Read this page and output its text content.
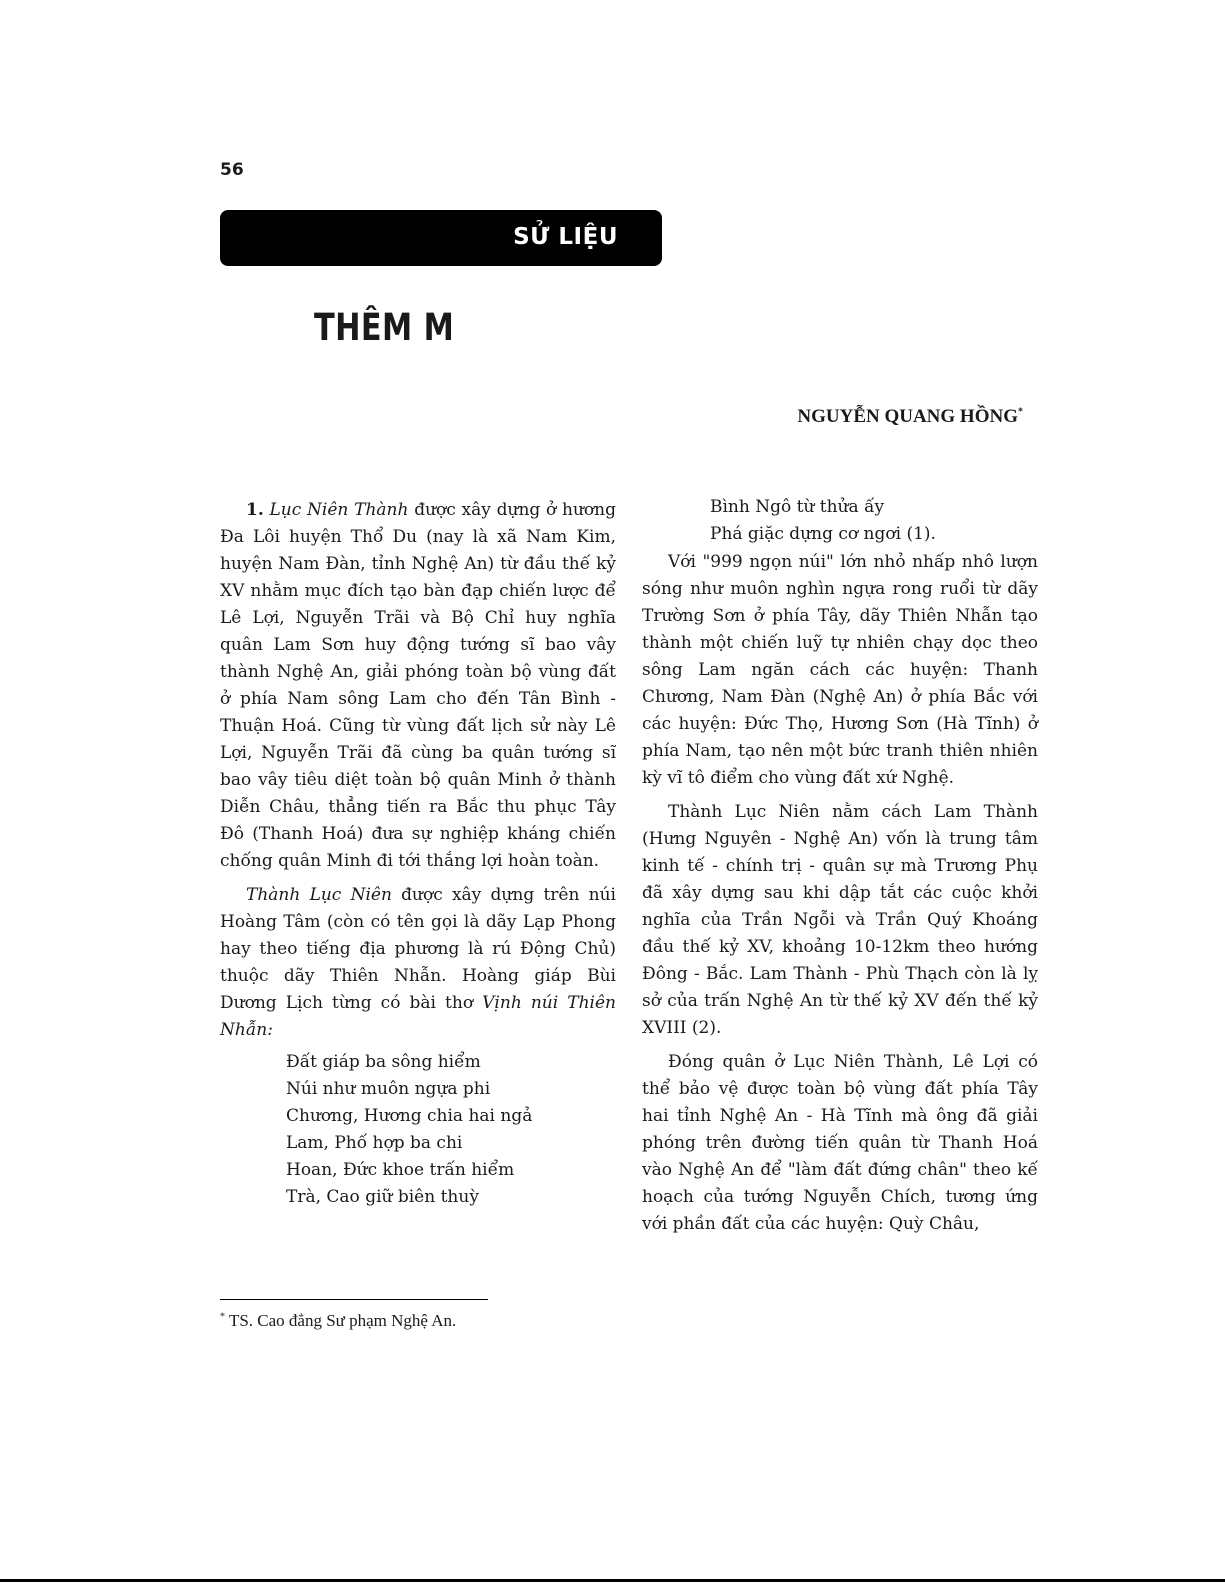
56
SỬ LIỆU
THÊM M
NGUYỄN QUANG HỒNG*

1. Lục Niên Thành được xây dựng ở hương Đa Lôi huyện Thổ Du (nay là xã Nam Kim, huyện Nam Đàn, tỉnh Nghệ An) từ đầu thế kỷ XV nhằm mục đích tạo bàn đạp chiến lược để Lê Lợi, Nguyễn Trãi và Bộ Chỉ huy nghĩa quân Lam Sơn huy động tướng sĩ bao vây thành Nghệ An, giải phóng toàn bộ vùng đất ở phía Nam sông Lam cho đến Tân Bình - Thuận Hoá. Cũng từ vùng đất lịch sử này Lê Lợi, Nguyễn Trãi đã cùng ba quân tướng sĩ bao vây tiêu diệt toàn bộ quân Minh ở thành Diễn Châu, thẳng tiến ra Bắc thu phục Tây Đô (Thanh Hoá) đưa sự nghiệp kháng chiến chống quân Minh đi tới thắng lợi hoàn toàn.

Thành Lục Niên được xây dựng trên núi Hoàng Tâm (còn có tên gọi là dãy Lạp Phong hay theo tiếng địa phương là rú Động Chủ) thuộc dãy Thiên Nhẫn. Hoàng giáp Bùi Dương Lịch từng có bài thơ Vịnh núi Thiên Nhẫn:

Đất giáp ba sông hiểm
Núi như muôn ngựa phi
Chương, Hương chia hai ngả
Lam, Phố hợp ba chi
Hoan, Đức khoe trấn hiểm
Trà, Cao giữ biên thuỳ
Bình Ngô từ thửa ấy
Phá giặc dựng cơ ngơi (1).

Với "999 ngọn núi" lớn nhỏ nhấp nhô lượn sóng như muôn nghìn ngựa rong ruổi từ dãy Trường Sơn ở phía Tây, dãy Thiên Nhẫn tạo thành một chiến luỹ tự nhiên chạy dọc theo sông Lam ngăn cách các huyện: Thanh Chương, Nam Đàn (Nghệ An) ở phía Bắc với các huyện: Đức Thọ, Hương Sơn (Hà Tĩnh) ở phía Nam, tạo nên một bức tranh thiên nhiên kỳ vĩ tô điểm cho vùng đất xứ Nghệ.

Thành Lục Niên nằm cách Lam Thành (Hưng Nguyên - Nghệ An) vốn là trung tâm kinh tế - chính trị - quân sự mà Trương Phụ đã xây dựng sau khi dập tắt các cuộc khởi nghĩa của Trần Ngỗi và Trần Quý Khoáng đầu thế kỷ XV, khoảng 10-12km theo hướng Đông - Bắc. Lam Thành - Phù Thạch còn là lỵ sở của trấn Nghệ An từ thế kỷ XV đến thế kỷ XVIII (2).

Đóng quân ở Lục Niên Thành, Lê Lợi có thể bảo vệ được toàn bộ vùng đất phía Tây hai tỉnh Nghệ An - Hà Tĩnh mà ông đã giải phóng trên đường tiến quân từ Thanh Hoá vào Nghệ An để "làm đất đứng chân" theo kế hoạch của tướng Nguyễn Chích, tương ứng với phần đất của các huyện: Quỳ Châu,

* TS. Cao đẳng Sư phạm Nghệ An.
